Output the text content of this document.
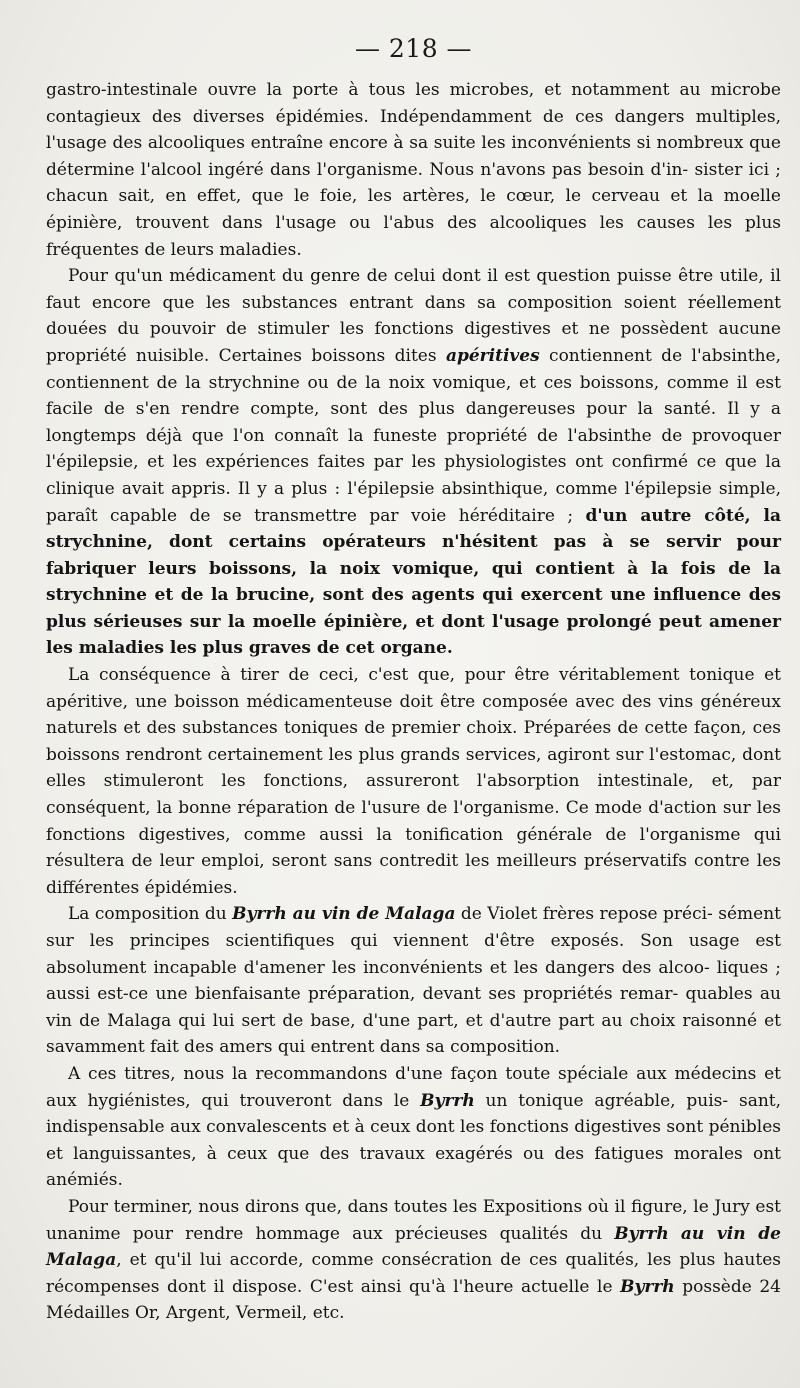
— 218 —

gastro-intestinale ouvre la porte à tous les microbes, et notamment au microbe contagieux des diverses épidémies. Indépendamment de ces dangers multiples, l'usage des alcooliques entraîne encore à sa suite les inconvénients si nombreux que détermine l'alcool ingéré dans l'organisme. Nous n'avons pas besoin d'in- sister ici ; chacun sait, en effet, que le foie, les artères, le cœur, le cerveau et la moelle épinière, trouvent dans l'usage ou l'abus des alcooliques les causes les plus fréquentes de leurs maladies.

Pour qu'un médicament du genre de celui dont il est question puisse être utile, il faut encore que les substances entrant dans sa composition soient réellement douées du pouvoir de stimuler les fonctions digestives et ne possèdent aucune propriété nuisible. Certaines boissons dites apéritives contiennent de l'absinthe, contiennent de la strychnine ou de la noix vomique, et ces boissons, comme il est facile de s'en rendre compte, sont des plus dangereuses pour la santé. Il y a longtemps déjà que l'on connaît la funeste propriété de l'absinthe de provoquer l'épilepsie, et les expériences faites par les physiologistes ont confirmé ce que la clinique avait appris. Il y a plus : l'épilepsie absinthique, comme l'épilepsie simple, paraît capable de se transmettre par voie héréditaire ; d'un autre côté, la strychnine, dont certains opérateurs n'hésitent pas à se servir pour fabriquer leurs boissons, la noix vomique, qui contient à la fois de la strychnine et de la brucine, sont des agents qui exercent une influence des plus sérieuses sur la moelle épinière, et dont l'usage prolongé peut amener les maladies les plus graves de cet organe.

La conséquence à tirer de ceci, c'est que, pour être véritablement tonique et apéritive, une boisson médicamenteuse doit être composée avec des vins généreux naturels et des substances toniques de premier choix. Préparées de cette façon, ces boissons rendront certainement les plus grands services, agiront sur l'estomac, dont elles stimuleront les fonctions, assureront l'absorption intestinale, et, par conséquent, la bonne réparation de l'usure de l'organisme. Ce mode d'action sur les fonctions digestives, comme aussi la tonification générale de l'organisme qui résultera de leur emploi, seront sans contredit les meilleurs préservatifs contre les différentes épidémies.

La composition du Byrrh au vin de Malaga de Violet frères repose préci- sément sur les principes scientifiques qui viennent d'être exposés. Son usage est absolument incapable d'amener les inconvénients et les dangers des alcoo- liques ; aussi est-ce une bienfaisante préparation, devant ses propriétés remar- quables au vin de Malaga qui lui sert de base, d'une part, et d'autre part au choix raisonné et savamment fait des amers qui entrent dans sa composition.

A ces titres, nous la recommandons d'une façon toute spéciale aux médecins et aux hygiénistes, qui trouveront dans le Byrrh un tonique agréable, puis- sant, indispensable aux convalescents et à ceux dont les fonctions digestives sont pénibles et languissantes, à ceux que des travaux exagérés ou des fatigues morales ont anémiés.

Pour terminer, nous dirons que, dans toutes les Expositions où il figure, le Jury est unanime pour rendre hommage aux précieuses qualités du Byrrh au vin de Malaga, et qu'il lui accorde, comme consécration de ces qualités, les plus hautes récompenses dont il dispose. C'est ainsi qu'à l'heure actuelle le Byrrh possède 24 Médailles Or, Argent, Vermeil, etc.
